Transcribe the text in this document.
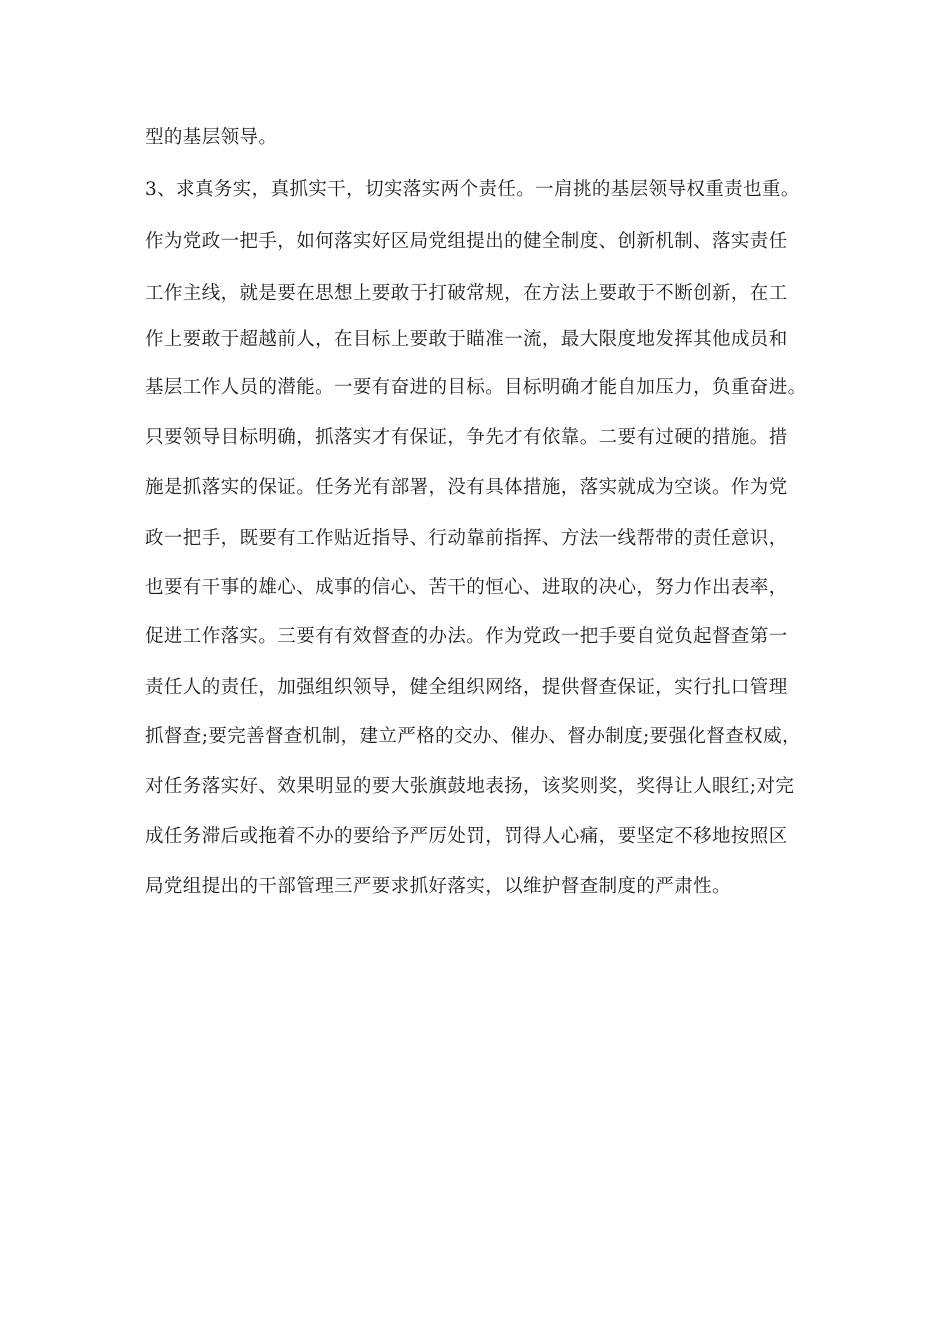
型的基层领导。

3、求真务实，真抓实干，切实落实两个责任。一肩挑的基层领导权重责也重。

作为党政一把手，如何落实好区局党组提出的健全制度、创新机制、落实责任

工作主线，就是要在思想上要敢于打破常规，在方法上要敢于不断创新，在工

作上要敢于超越前人，在目标上要敢于瞄准一流，最大限度地发挥其他成员和

基层工作人员的潜能。一要有奋进的目标。目标明确才能自加压力，负重奋进。

只要领导目标明确，抓落实才有保证，争先才有依靠。二要有过硬的措施。措

施是抓落实的保证。任务光有部署，没有具体措施，落实就成为空谈。作为党

政一把手，既要有工作贴近指导、行动靠前指挥、方法一线帮带的责任意识，

也要有干事的雄心、成事的信心、苦干的恒心、进取的决心，努力作出表率，

促进工作落实。三要有有效督查的办法。作为党政一把手要自觉负起督查第一

责任人的责任，加强组织领导，健全组织网络，提供督查保证，实行扎口管理

抓督查;要完善督查机制，建立严格的交办、催办、督办制度;要强化督查权威，

对任务落实好、效果明显的要大张旗鼓地表扬，该奖则奖，奖得让人眼红;对完

成任务滞后或拖着不办的要给予严厉处罚，罚得人心痛，要坚定不移地按照区

局党组提出的干部管理三严要求抓好落实，以维护督查制度的严肃性。
